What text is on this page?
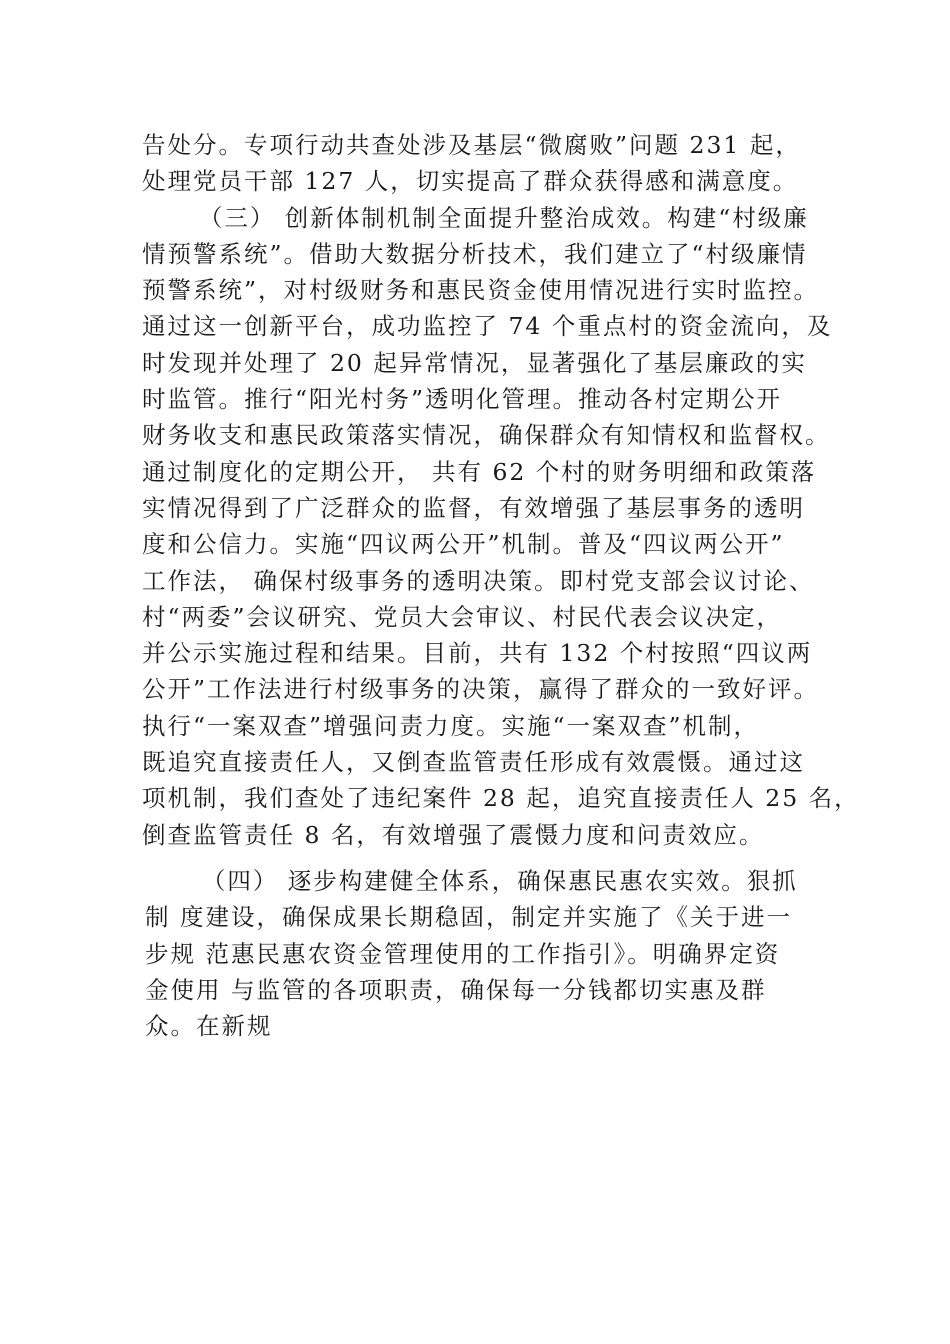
告处分。专项行动共查处涉及基层“微腐败”问题 231 起，
处理党员干部 127 人，切实提高了群众获得感和满意度。
（三） 创新体制机制全面提升整治成效。构建“村级廉
情预警系统”。借助大数据分析技术，我们建立了“村级廉情
预警系统”，对村级财务和惠民资金使用情况进行实时监控。
通过这一创新平台，成功监控了 74 个重点村的资金流向，及
时发现并处理了 20 起异常情况，显著强化了基层廉政的实
时监管。推行“阳光村务”透明化管理。推动各村定期公开
财务收支和惠民政策落实情况，确保群众有知情权和监督权。
通过制度化的定期公开， 共有 62 个村的财务明细和政策落
实情况得到了广泛群众的监督，有效增强了基层事务的透明
度和公信力。实施“四议两公开”机制。普及“四议两公开”
工作法， 确保村级事务的透明决策。即村党支部会议讨论、
村“两委”会议研究、党员大会审议、村民代表会议决定，
并公示实施过程和结果。目前，共有 132 个村按照“四议两
公开”工作法进行村级事务的决策，赢得了群众的一致好评。
执行“一案双查”增强问责力度。实施“一案双查”机制，
既追究直接责任人，又倒查监管责任形成有效震慑。通过这
项机制，我们查处了违纪案件 28 起，追究直接责任人 25 名，
倒查监管责任 8 名，有效增强了震慑力度和问责效应。
（四） 逐步构建健全体系，确保惠民惠农实效。狠抓
制 度建设，确保成果长期稳固，制定并实施了《关于进一
步规 范惠民惠农资金管理使用的工作指引》。明确界定资
金使用 与监管的各项职责，确保每一分钱都切实惠及群
众。在新规
